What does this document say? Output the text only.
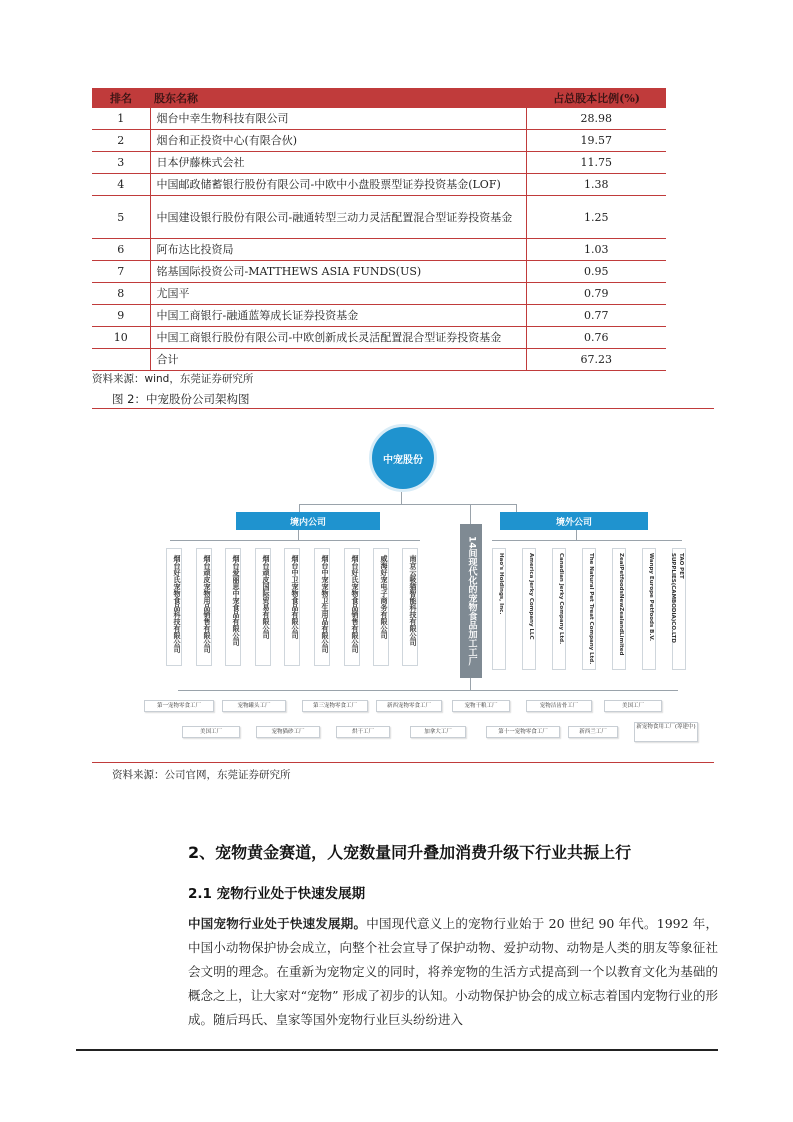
排名	股东名称	占总股本比例(%)
1	烟台中幸生物科技有限公司	28.98
2	烟台和正投资中心(有限合伙)	19.57
3	日本伊藤株式会社	11.75
4	中国邮政储蓄银行股份有限公司-中欧中小盘股票型证券投资基金(LOF)	1.38
5	中国建设银行股份有限公司-融通转型三动力灵活配置混合型证券投资基金	1.25
6	阿布达比投资局	1.03
7	铭基国际投资公司-MATTHEWS ASIA FUNDS(US)	0.95
8	尤国平	0.79
9	中国工商银行-融通蓝筹成长证券投资基金	0.77
10	中国工商银行股份有限公司-中欧创新成长灵活配置混合型证券投资基金	0.76
	合计	67.23
资料来源：wind，东莞证券研究所
图 2：中宠股份公司架构图
中宠股份
境内公司	境外公司
14间现代化的宠物食品加工工厂
烟台好氏宠物食品科技有限公司	烟台顽皮宠物用品销售有限公司	烟台爱丽思中宠食品有限公司	烟台顽皮国际贸易有限公司	烟台中卫宠物食品有限公司	烟台中宠宠物卫生用品有限公司	烟台好氏宠物食品销售有限公司	威海好宠电子商务有限公司	南京云吸猫智能科技有限公司	Hao's Holdings, Inc.	America Jerky Company LLC	Canadian Jerky Company Ltd.	The Natural Pet Treat Company Ltd.	ZealPetfoodsNewZealandLimited	Wanpy Europe Petfoods B.V.	TAO PET SUPPLIES(CAMBODIA)CO.LTD
第一宠物零食工厂	宠物罐头工厂	第三宠物零食工厂	新西宠物零食工厂	宠物干粮工厂	宠物洁齿骨工厂	美国工厂
美国工厂	宠物猫砂工厂	烘干工厂	加拿大工厂	第十一宠物零食工厂	新西兰工厂
新宠物食用工厂(筹建中)
资料来源：公司官网，东莞证券研究所
2、宠物黄金赛道，人宠数量同升叠加消费升级下行业共振上行
2.1 宠物行业处于快速发展期
中国宠物行业处于快速发展期。中国现代意义上的宠物行业始于 20 世纪 90 年代。1992 年，中国小动物保护协会成立，向整个社会宣导了保护动物、爱护动物、动物是人类的朋友等象征社会文明的理念。在重新为宠物定义的同时，将养宠物的生活方式提高到一个以教育文化为基础的概念之上，让大家对“宠物” 形成了初步的认知。小动物保护协会的成立标志着国内宠物行业的形成。随后玛氏、皇家等国外宠物行业巨头纷纷进入
